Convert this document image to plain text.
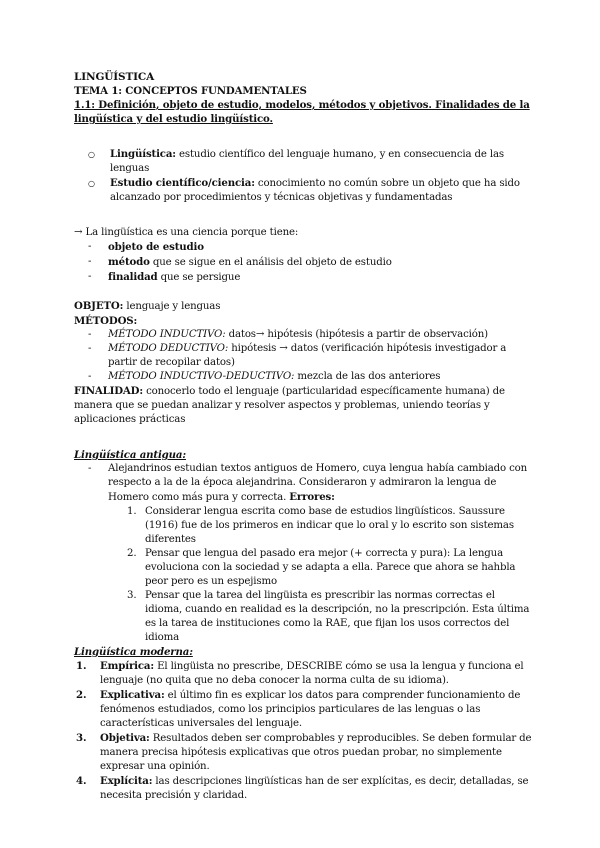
LINGÜÍSTICA

TEMA 1: CONCEPTOS FUNDAMENTALES

1.1: Definición, objeto de estudio, modelos, métodos y objetivos. Finalidades de la lingüística y del estudio lingüístico.

○	Lingüística: estudio científico del lenguaje humano, y en consecuencia de las lenguas
○	Estudio científico/ciencia: conocimiento no común sobre un objeto que ha sido alcanzado por procedimientos y técnicas objetivas y fundamentadas

→ La lingüística es una ciencia porque tiene:

-	objeto de estudio
-	método que se sigue en el análisis del objeto de estudio
-	finalidad que se persigue

OBJETO: lenguaje y lenguas

MÉTODOS:

-	MÉTODO INDUCTIVO: datos→ hipótesis (hipótesis a partir de observación)
-	MÉTODO DEDUCTIVO: hipótesis → datos (verificación hipótesis investigador a partir de recopilar datos)
-	MÉTODO INDUCTIVO-DEDUCTIVO: mezcla de las dos anteriores

FINALIDAD: conocerlo todo el lenguaje (particularidad específicamente humana) de manera que se puedan analizar y resolver aspectos y problemas, uniendo teorías y aplicaciones prácticas

Lingüística antigua:

-	Alejandrinos estudian textos antiguos de Homero, cuya lengua había cambiado con respecto a la de la época alejandrina. Consideraron y admiraron la lengua de Homero como más pura y correcta. Errores:
1. Considerar lengua escrita como base de estudios lingüísticos. Saussure (1916) fue de los primeros en indicar que lo oral y lo escrito son sistemas diferentes
2. Pensar que lengua del pasado era mejor (+ correcta y pura): La lengua evoluciona con la sociedad y se adapta a ella. Parece que ahora se hahbla peor pero es un espejismo
3. Pensar que la tarea del lingüista es prescribir las normas correctas el idioma, cuando en realidad es la descripción, no la prescripción. Esta última es la tarea de instituciones como la RAE, que fijan los usos correctos del idioma

Lingüística moderna:

1.	Empírica: El lingüista no prescribe, DESCRIBE cómo se usa la lengua y funciona el lenguaje (no quita que no deba conocer la norma culta de su idioma).
2.	Explicativa: el último fin es explicar los datos para comprender funcionamiento de fenómenos estudiados, como los principios particulares de las lenguas o las características universales del lenguaje.
3.	Objetiva: Resultados deben ser comprobables y reproducibles. Se deben formular de manera precisa hipótesis explicativas que otros puedan probar, no simplemente expresar una opinión.
4.	Explícita: las descripciones lingüísticas han de ser explícitas, es decir, detalladas, se necesita precisión y claridad.
